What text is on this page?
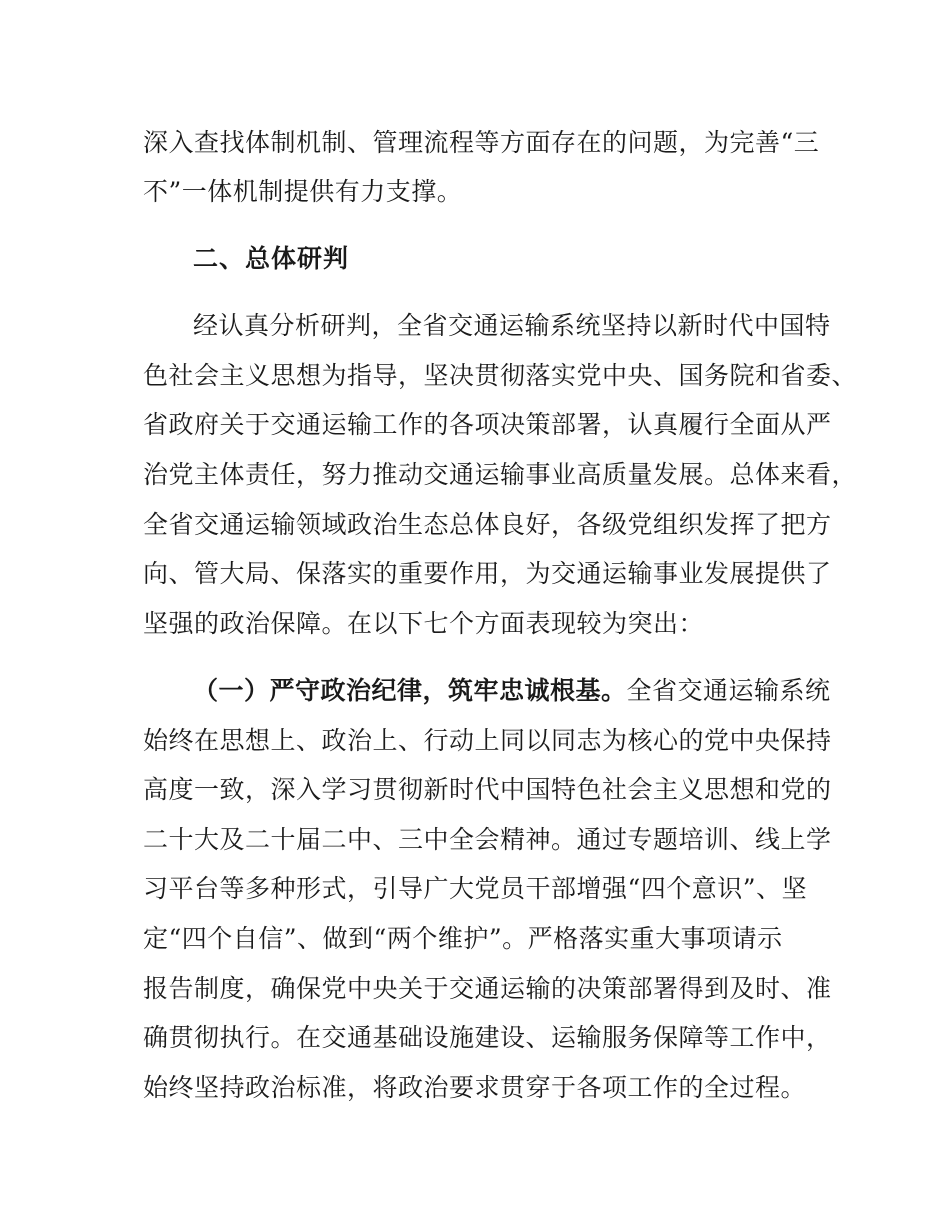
深入查找体制机制、管理流程等方面存在的问题，为完善“三
不”一体机制提供有力支撑。
二、总体研判
经认真分析研判，全省交通运输系统坚持以新时代中国特
色社会主义思想为指导，坚决贯彻落实党中央、国务院和省委、
省政府关于交通运输工作的各项决策部署，认真履行全面从严
治党主体责任，努力推动交通运输事业高质量发展。总体来看，
全省交通运输领域政治生态总体良好，各级党组织发挥了把方
向、管大局、保落实的重要作用，为交通运输事业发展提供了
坚强的政治保障。在以下七个方面表现较为突出：
（一）严守政治纪律，筑牢忠诚根基。全省交通运输系统
始终在思想上、政治上、行动上同以同志为核心的党中央保持
高度一致，深入学习贯彻新时代中国特色社会主义思想和党的
二十大及二十届二中、三中全会精神。通过专题培训、线上学
习平台等多种形式，引导广大党员干部增强“四个意识”、坚
定“四个自信”、做到“两个维护”。严格落实重大事项请示
报告制度，确保党中央关于交通运输的决策部署得到及时、准
确贯彻执行。在交通基础设施建设、运输服务保障等工作中，
始终坚持政治标准，将政治要求贯穿于各项工作的全过程。
